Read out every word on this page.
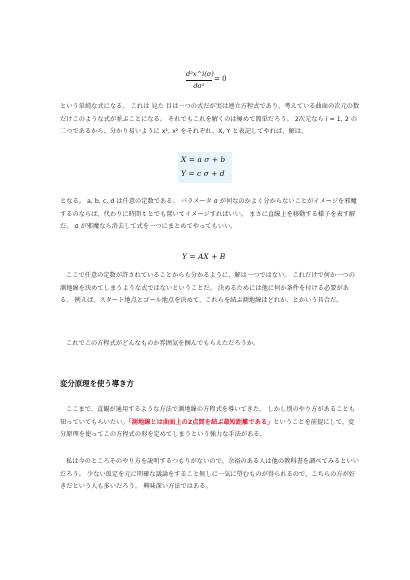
d²x^i(σ)
dσ²
= 0

という単純な式になる。 これは 見た 目は一つの式だが実は連立方程式であり、考えている曲面の次元の数だけこのような式が並ぶことになる。 それでもこれを解くのは極めて簡単だろう。 2次元なら i = 1, 2 の二つであるから、分かり易いように x¹, x² をそれぞれ、X, Y と表記してやれば、解は、

X = a σ + b
Y = c σ + d

となる。 a, b, c, d は任意の定数である。 パラメータ σ が何なのかよく分からないことがイメージを邪魔するのならば、代わりに時間 t とでも置いてイメージすればいい。 まさに直線上を移動する様子を表す解だ。 σ が邪魔なら消去して式を一つにまとめてやってもいい。

Y = AX + B

ここで任意の定数が許されていることからも分かるように、解は一つではない。 これだけで何か一つの測地線を決めてしまうような式ではないということだ。 決めるためには他に何か条件を付ける必要がある。 例えば、スタート地点とゴール地点を決めて、これらを結ぶ測地線はどれか、とかいう具合だ。

これでこの方程式がどんなものか雰囲気を掴んでもらえただろうか。

変分原理を使う導き方

ここまで、直観が通用するような方法で測地線の方程式を導いてきた。 しかし別のやり方があることも知っていてもらいたい。「測地線とは曲面上の2点間を結ぶ最短距離である」ということを前提にして、変分原理を使ってこの方程式の形を定めてしまうという強力な手法がある。

私は今のところそのやり方を説明するつもりがないので、余裕のある人は他の教科書を調べてみるといいだろう。 少ない仮定を元に明確な議論をすること無しに一気に望むものが得られるので、こちらの方が好きだという人も多いだろう。 興味深い方法ではある。
